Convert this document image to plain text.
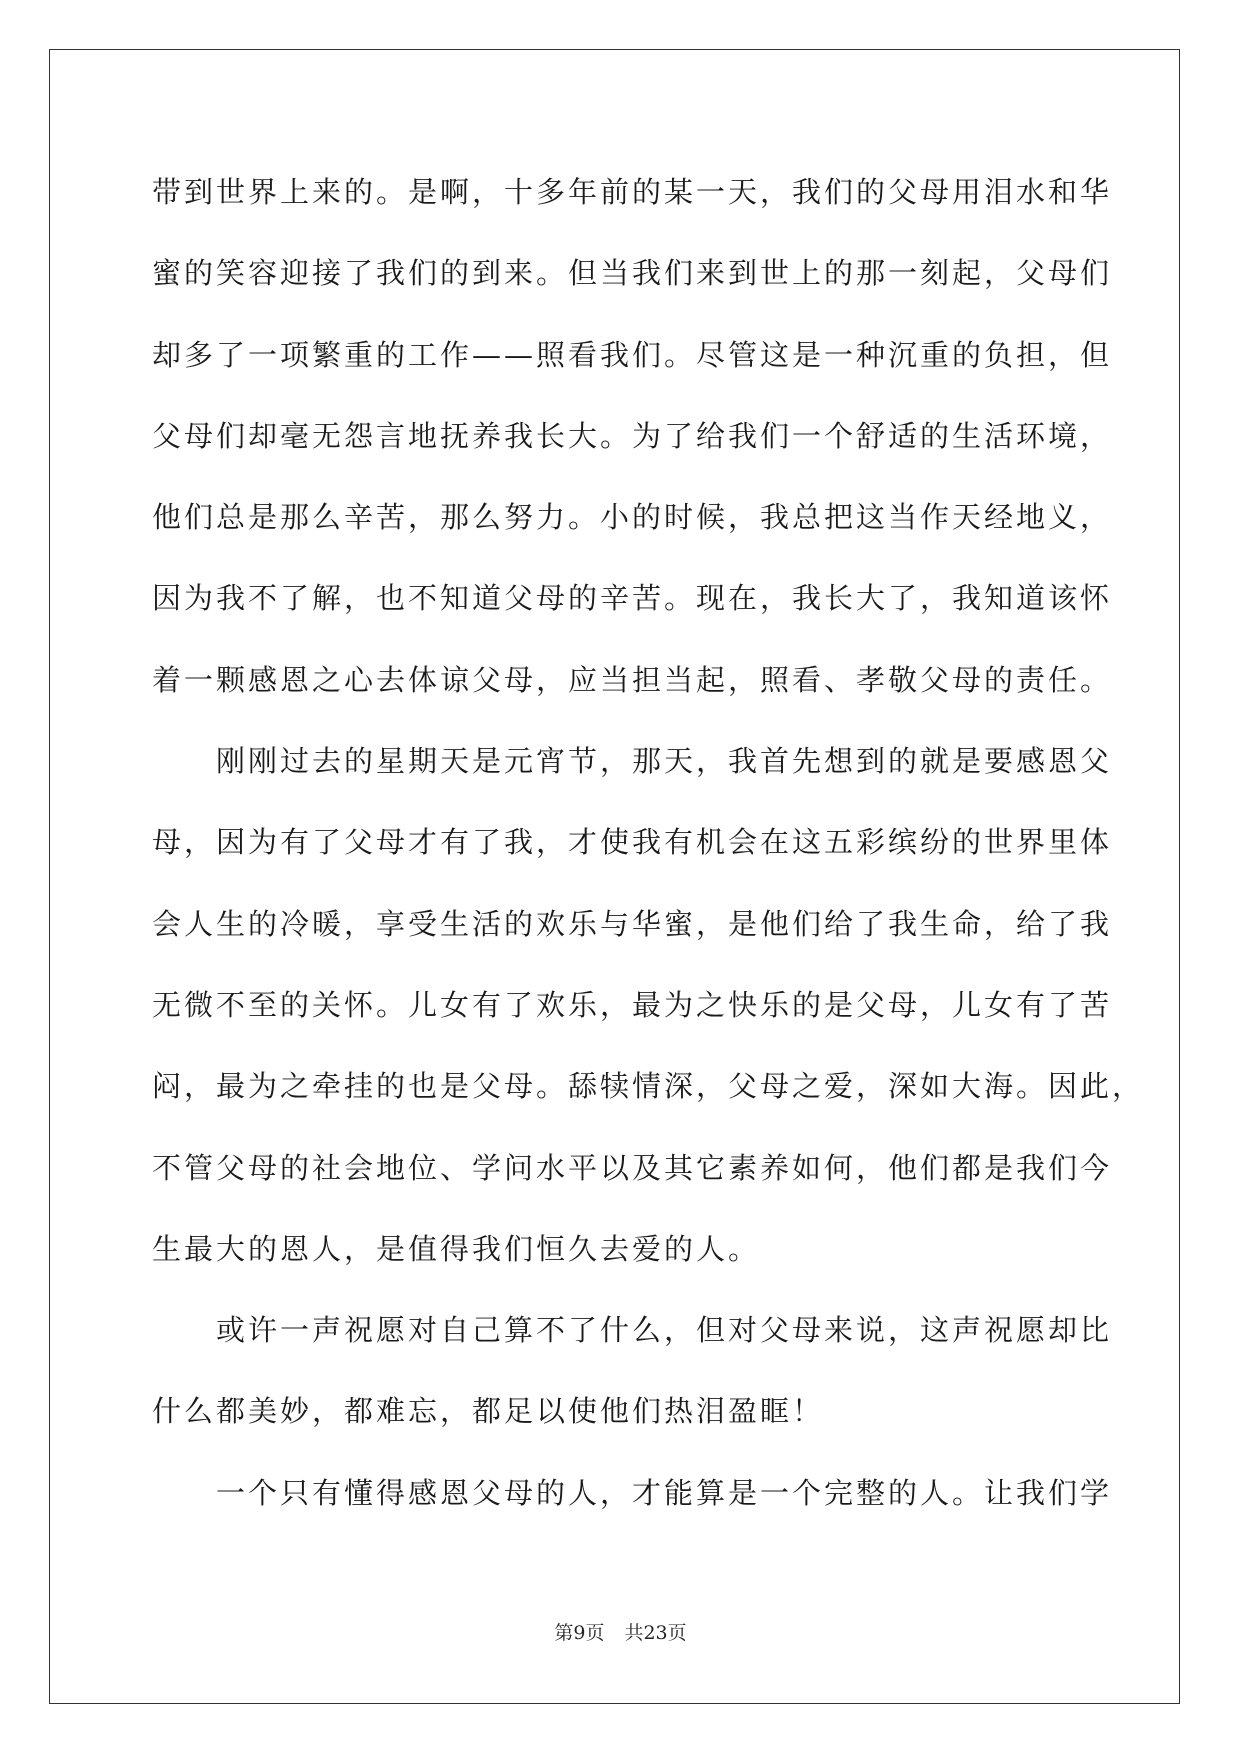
带到世界上来的。是啊，十多年前的某一天，我们的父母用泪水和华
蜜的笑容迎接了我们的到来。但当我们来到世上的那一刻起，父母们
却多了一项繁重的工作——照看我们。尽管这是一种沉重的负担，但
父母们却毫无怨言地抚养我长大。为了给我们一个舒适的生活环境，
他们总是那么辛苦，那么努力。小的时候，我总把这当作天经地义，
因为我不了解，也不知道父母的辛苦。现在，我长大了，我知道该怀
着一颗感恩之心去体谅父母，应当担当起，照看、孝敬父母的责任。
刚刚过去的星期天是元宵节，那天，我首先想到的就是要感恩父
母，因为有了父母才有了我，才使我有机会在这五彩缤纷的世界里体
会人生的冷暖，享受生活的欢乐与华蜜，是他们给了我生命，给了我
无微不至的关怀。儿女有了欢乐，最为之快乐的是父母，儿女有了苦
闷，最为之牵挂的也是父母。舔犊情深，父母之爱，深如大海。因此，
不管父母的社会地位、学问水平以及其它素养如何，他们都是我们今
生最大的恩人，是值得我们恒久去爱的人。
或许一声祝愿对自己算不了什么，但对父母来说，这声祝愿却比
什么都美妙，都难忘，都足以使他们热泪盈眶！
一个只有懂得感恩父母的人，才能算是一个完整的人。让我们学
第9页 共23页
